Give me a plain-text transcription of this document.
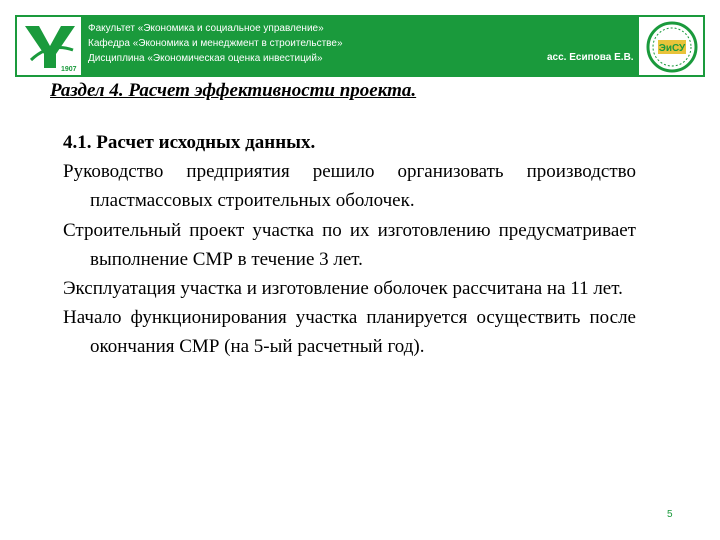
1907
Факультет «Экономика и социальное управление»
Кафедра «Экономика и менеджмент в строительстве»
Дисциплина «Экономическая оценка инвестиций»	асс. Есипова Е.В.
ЭиСУ
Раздел 4. Расчет эффективности проекта.
4.1. Расчет исходных данных.
Руководство предприятия решило организовать производство пластмассовых строительных оболочек.
Строительный проект участка по их изготовлению предусматривает выполнение СМР в течение 3 лет.
Эксплуатация участка и изготовление оболочек рассчитана на 11 лет.
Начало функционирования участка планируется осуществить после окончания СМР (на 5-ый расчетный год).
5
